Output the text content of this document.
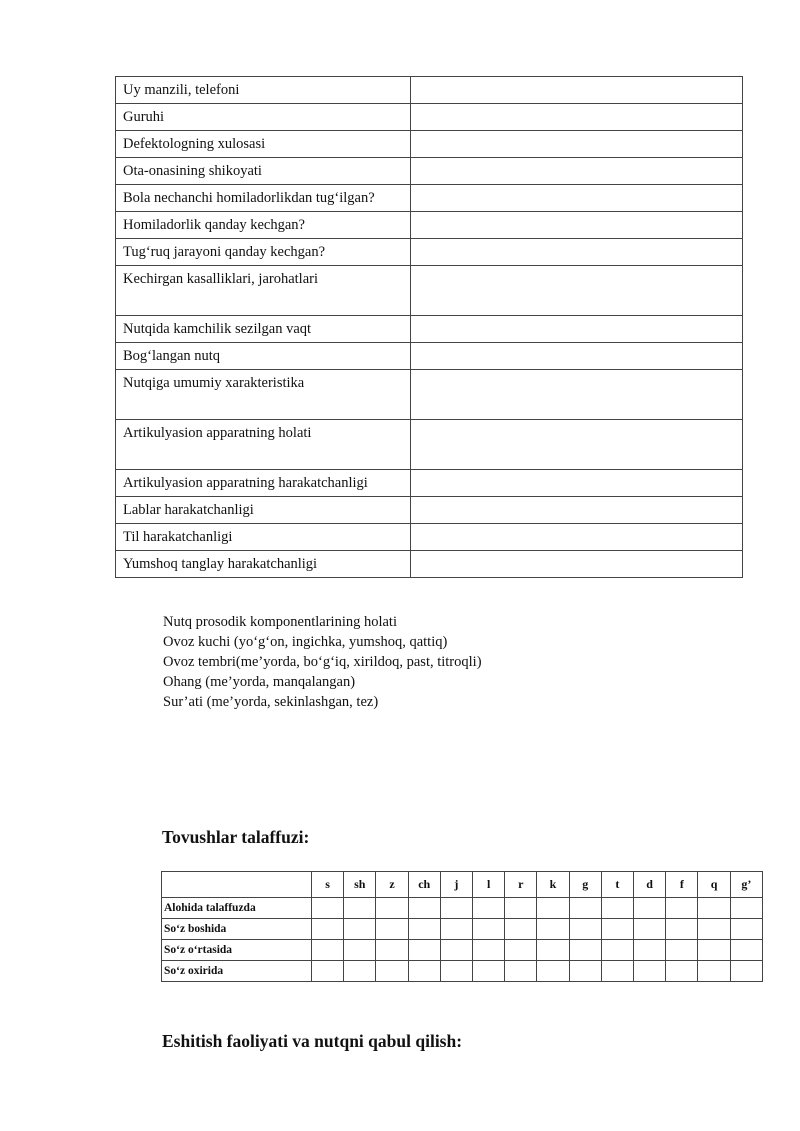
Uy manzili, telefoni	
Guruhi	
Defektologning xulosasi	
Ota-onasining shikoyati	
Bola nechanchi homiladorlikdan tug‘ilgan?	
Homiladorlik qanday kechgan?	
Tug‘ruq jarayoni qanday kechgan?	
Kechirgan kasalliklari, jarohatlari	
Nutqida kamchilik sezilgan vaqt	
Bog‘langan nutq	
Nutqiga umumiy xarakteristika	
Artikulyasion apparatning holati	
Artikulyasion apparatning harakatchanligi	
Lablar harakatchanligi	
Til harakatchanligi	
Yumshoq tanglay harakatchanligi	
Nutq prosodik komponentlarining holati
Ovoz kuchi (yo‘g‘on, ingichka, yumshoq, qattiq)
Ovoz tembri(me’yorda, bo‘g‘iq, xirildoq, past, titroqli)
Ohang (me’yorda, manqalangan)
Sur’ati (me’yorda, sekinlashgan, tez)
Tovushlar talaffuzi:
	s	sh	z	ch	j	l	r	k	g	t	d	f	q	g’
Alohida talaffuzda														
So‘z boshida														
So‘z o‘rtasida														
So‘z oxirida														
Eshitish faoliyati va nutqni qabul qilish:
